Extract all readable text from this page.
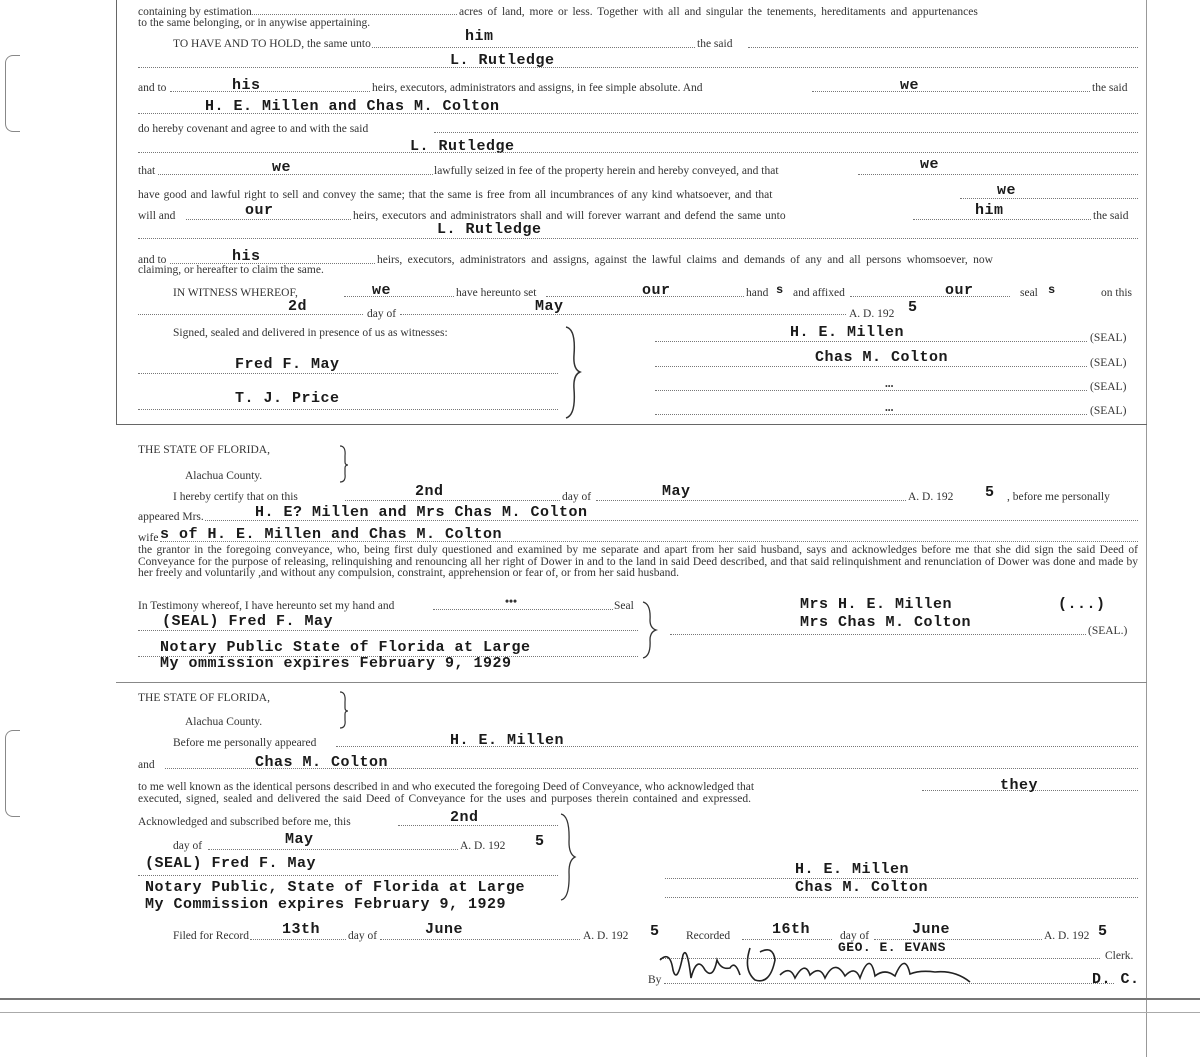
containing by estimation	acres of land, more or less. Together with all and singular the tenements, hereditaments and appurtenances
to the same belonging, or in anywise appertaining.
TO HAVE AND TO HOLD, the same unto	him	the said
L. Rutledge
and to	his	heirs, executors, administrators and assigns, in fee simple absolute. And	we	the said
H. E. Millen and Chas M. Colton
do hereby covenant and agree to and with the said
L. Rutledge
that	we	lawfully seized in fee of the property herein and hereby conveyed, and that	we
have good and lawful right to sell and convey the same; that the same is free from all incumbrances of any kind whatsoever, and that	we
will and	our	heirs, executors and administrators shall and will forever warrant and defend the same unto	him	the said
L. Rutledge
and to	his	heirs, executors, administrators and assigns, against the lawful claims and demands of any and all persons whomsoever, now
claiming, or hereafter to claim the same.
IN WITNESS WHEREOF,	we	have hereunto set	our	hand s and affixed	our	seal s	on this
2d	day of	May	A. D. 192 5
Signed, sealed and delivered in presence of us as witnesses:
Fred F. May
T. J. Price
H. E. Millen	(SEAL)
Chas M. Colton	(SEAL)
•••	(SEAL)
•••	(SEAL)
THE STATE OF FLORIDA,
Alachua County.
I hereby certify that on this	2nd	day of	May	A. D. 192 5 , before me personally
appeared Mrs.	H. E? Millen and Mrs Chas M. Colton
wife s of H. E. Millen and Chas M. Colton
the grantor in the foregoing conveyance, who, being first duly questioned and examined by me separate and apart from her said husband, says and acknowledges before me that she did sign the said Deed of Conveyance for the purpose of releasing, relinquishing and renouncing all her right of Dower in and to the land in said Deed described, and that said relinquishment and renunciation of Dower was done and made by her freely and voluntarily ,and without any compulsion, constraint, apprehension or fear of, or from her said husband.
In Testimony whereof, I have hereunto set my hand and	•••	Seal
(SEAL) Fred F. May
Notary Public State of Florida at Large
My ommission expires February 9, 1929
Mrs H. E. Millen	(...)
Mrs Chas M. Colton	(SEAL.)
THE STATE OF FLORIDA,
Alachua County.
Before me personally appeared	H. E. Millen
and	Chas M. Colton
to me well known as the identical persons described in and who executed the foregoing Deed of Conveyance, who acknowledged that	they
executed, signed, sealed and delivered the said Deed of Conveyance for the uses and purposes therein contained and expressed.
Acknowledged and subscribed before me, this	2nd
day of	May	A. D. 192 5
(SEAL) Fred F. May
Notary Public, State of Florida at Large
My Commission expires February 9, 1929
H. E. Millen
Chas M. Colton
Filed for Record 13th day of	June	A. D. 192 5 Recorded	16th	day of	June	A. D. 192 5
GEO. E. EVANS
Clerk.
By	D. C.
